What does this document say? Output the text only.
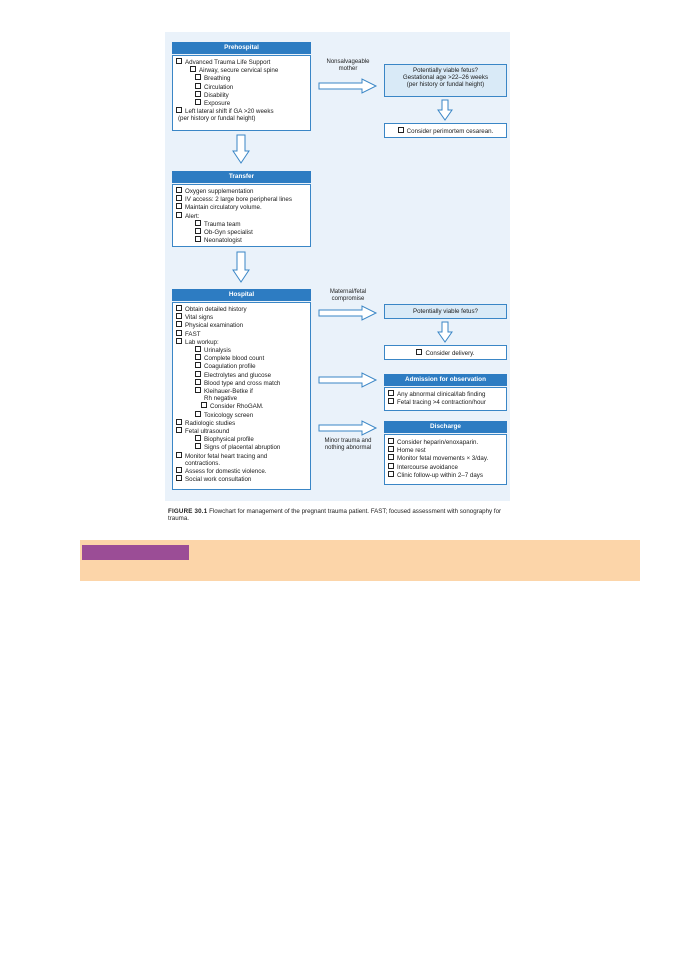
Prehospital
Advanced Trauma Life Support
Airway, secure cervical spine
Breathing
Circulation
Disability
Exposure
Left lateral shift if GA >20 weeks
(per history or fundal height)
Nonsalvageable
mother	Potentially viable fetus?
Gestational age >22–26 weeks
(per history or fundal height)
Consider perimortem cesarean.
Transfer
Oxygen supplementation
IV access: 2 large bore peripheral lines
Maintain circulatory volume.
Alert:
Trauma team
Ob-Gyn specialist
Neonatologist
Hospital
Obtain detailed history
Vital signs
Physical examination
FAST
Lab workup:
Urinalysis
Complete blood count
Coagulation profile
Electrolytes and glucose
Blood type and cross match
Kleihauer-Betke if
Rh negative
Consider RhoGAM.
Toxicology screen
Radiologic studies
Fetal ultrasound
Biophysical profile
Signs of placental abruption
Monitor fetal heart tracing and
contractions.
Assess for domestic violence.
Social work consultation
Maternal/fetal
compromise
Potentially viable fetus?
Consider delivery.
Admission for observation
Any abnormal clinical/lab finding
Fetal tracing >4 contraction/hour
Minor trauma and
nothing abnormal
Discharge
Consider heparin/enoxaparin.
Home rest
Monitor fetal movements × 3/day.
Intercourse avoidance
Clinic follow-up within 2–7 days
FIGURE 30.1 Flowchart for management of the pregnant trauma patient. FAST; focused assessment with sonography for trauma.
